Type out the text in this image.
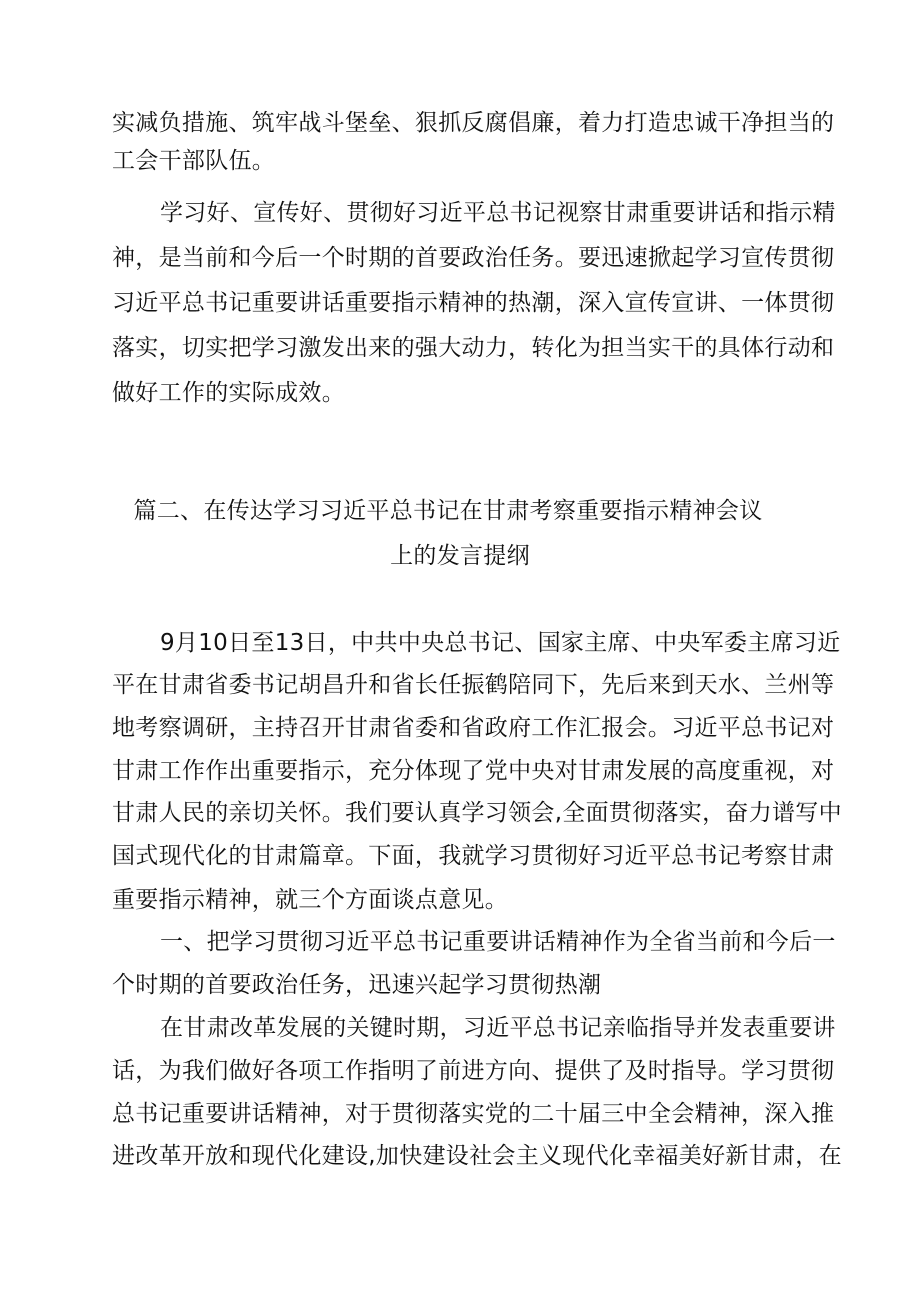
实减负措施、筑牢战斗堡垒、狠抓反腐倡廉，着力打造忠诚干净担当的
工会干部队伍。
学习好、宣传好、贯彻好习近平总书记视察甘肃重要讲话和指示精
神，是当前和今后一个时期的首要政治任务。要迅速掀起学习宣传贯彻
习近平总书记重要讲话重要指示精神的热潮，深入宣传宣讲、一体贯彻
落实，切实把学习激发出来的强大动力，转化为担当实干的具体行动和
做好工作的实际成效。
篇二、在传达学习习近平总书记在甘肃考察重要指示精神会议
上的发言提纲
9月10日至13日，中共中央总书记、国家主席、中央军委主席习近
平在甘肃省委书记胡昌升和省长任振鹤陪同下，先后来到天水、兰州等
地考察调研，主持召开甘肃省委和省政府工作汇报会。习近平总书记对
甘肃工作作出重要指示，充分体现了党中央对甘肃发展的高度重视，对
甘肃人民的亲切关怀。我们要认真学习领会,全面贯彻落实，奋力谱写中
国式现代化的甘肃篇章。下面，我就学习贯彻好习近平总书记考察甘肃
重要指示精神，就三个方面谈点意见。
一、把学习贯彻习近平总书记重要讲话精神作为全省当前和今后一
个时期的首要政治任务，迅速兴起学习贯彻热潮
在甘肃改革发展的关键时期，习近平总书记亲临指导并发表重要讲
话，为我们做好各项工作指明了前进方向、提供了及时指导。学习贯彻
总书记重要讲话精神，对于贯彻落实党的二十届三中全会精神，深入推
进改革开放和现代化建设,加快建设社会主义现代化幸福美好新甘肃，在
